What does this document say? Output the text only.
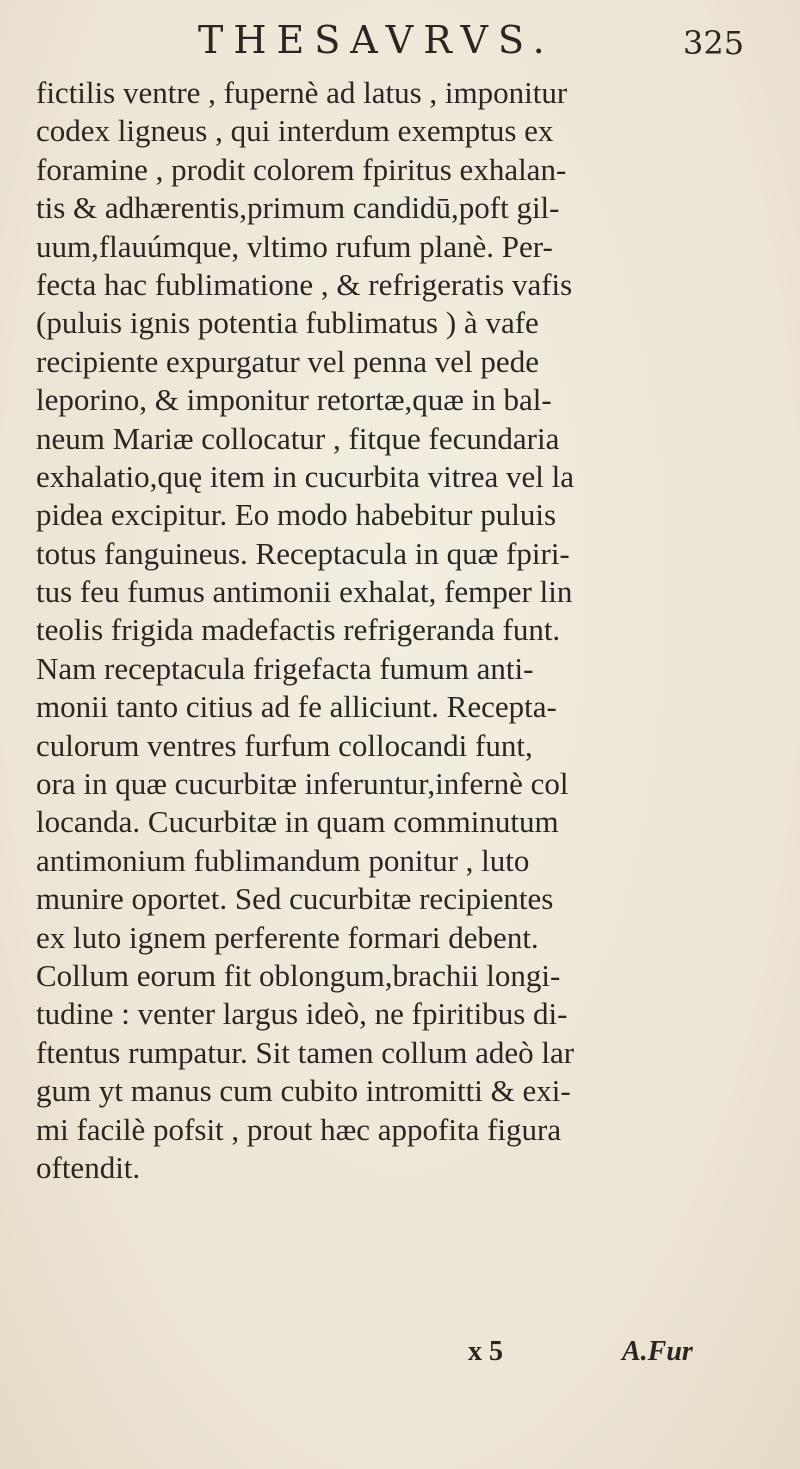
THESAVRVS.	325
fictilis ventre , fupernè ad latus , imponitur
codex ligneus , qui interdum exemptus ex
foramine , prodit colorem fpiritus exhalan-
tis & adhærentis,primum candidū,poft gil-
uum,flauúmque, vltimo rufum planè. Per-
fecta hac fublimatione , & refrigeratis vafis
(puluis ignis potentia fublimatus ) à vafe
recipiente expurgatur vel penna vel pede
leporino, & imponitur retortæ,quæ in bal-
neum Mariæ collocatur , fitque fecundaria
exhalatio,quę item in cucurbita vitrea vel la
pidea excipitur. Eo modo habebitur puluis
totus fanguineus. Receptacula in quæ fpiri-
tus feu fumus antimonii exhalat, femper lin
teolis frigida madefactis refrigeranda funt.
Nam receptacula frigefacta fumum anti-
monii tanto citius ad fe alliciunt. Recepta-
culorum ventres furfum collocandi funt,
ora in quæ cucurbitæ inferuntur,infernè col
locanda. Cucurbitæ in quam comminutum
antimonium fublimandum ponitur , luto
munire oportet. Sed cucurbitæ recipientes
ex luto ignem perferente formari debent.
Collum eorum fit oblongum,brachii longi-
tudine : venter largus ideò, ne fpiritibus di-
ftentus rumpatur. Sit tamen collum adeò lar
gum yt manus cum cubito intromitti & exi-
mi facilè pofsit , prout hæc appofita figura
oftendit.
x 5	A.Fur
